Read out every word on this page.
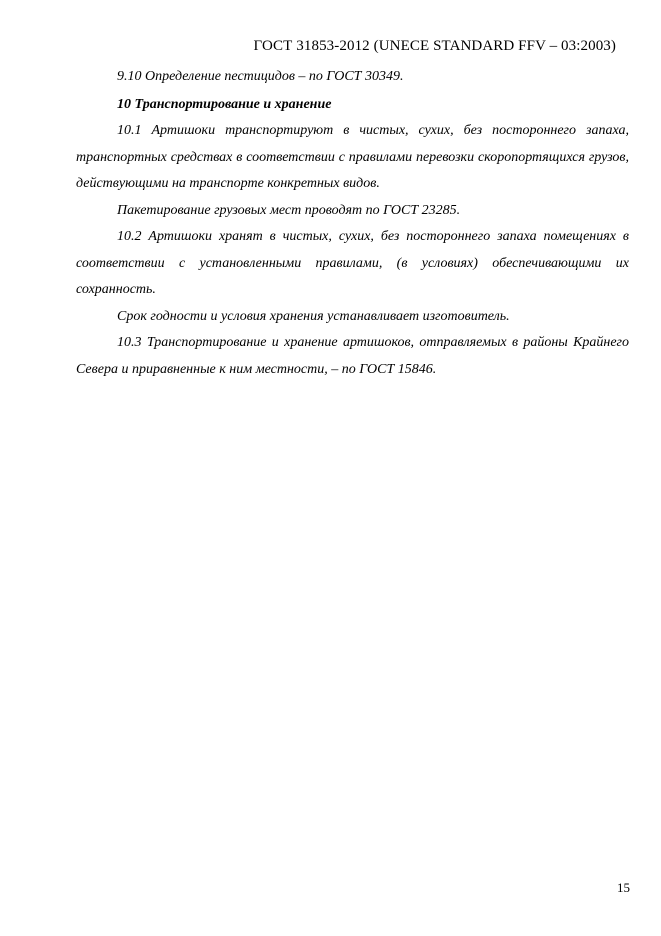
ГОСТ 31853-2012 (UNECE STANDARD FFV – 03:2003)

9.10 Определение пестицидов – по ГОСТ 30349.

10 Транспортирование и хранение

10.1 Артишоки транспортируют в чистых, сухих, без постороннего запаха, транспортных средствах в соответствии с правилами перевозки скоропортящихся грузов, действующими на транспорте конкретных видов.

Пакетирование грузовых мест проводят по ГОСТ 23285.

10.2 Артишоки хранят в чистых, сухих, без постороннего запаха помещениях в соответствии с установленными правилами, (в условиях) обеспечивающими их сохранность.

Срок годности и условия хранения устанавливает изготовитель.

10.3 Транспортирование и хранение артишоков, отправляемых в районы Крайнего Севера и приравненные к ним местности, – по ГОСТ 15846.

15
